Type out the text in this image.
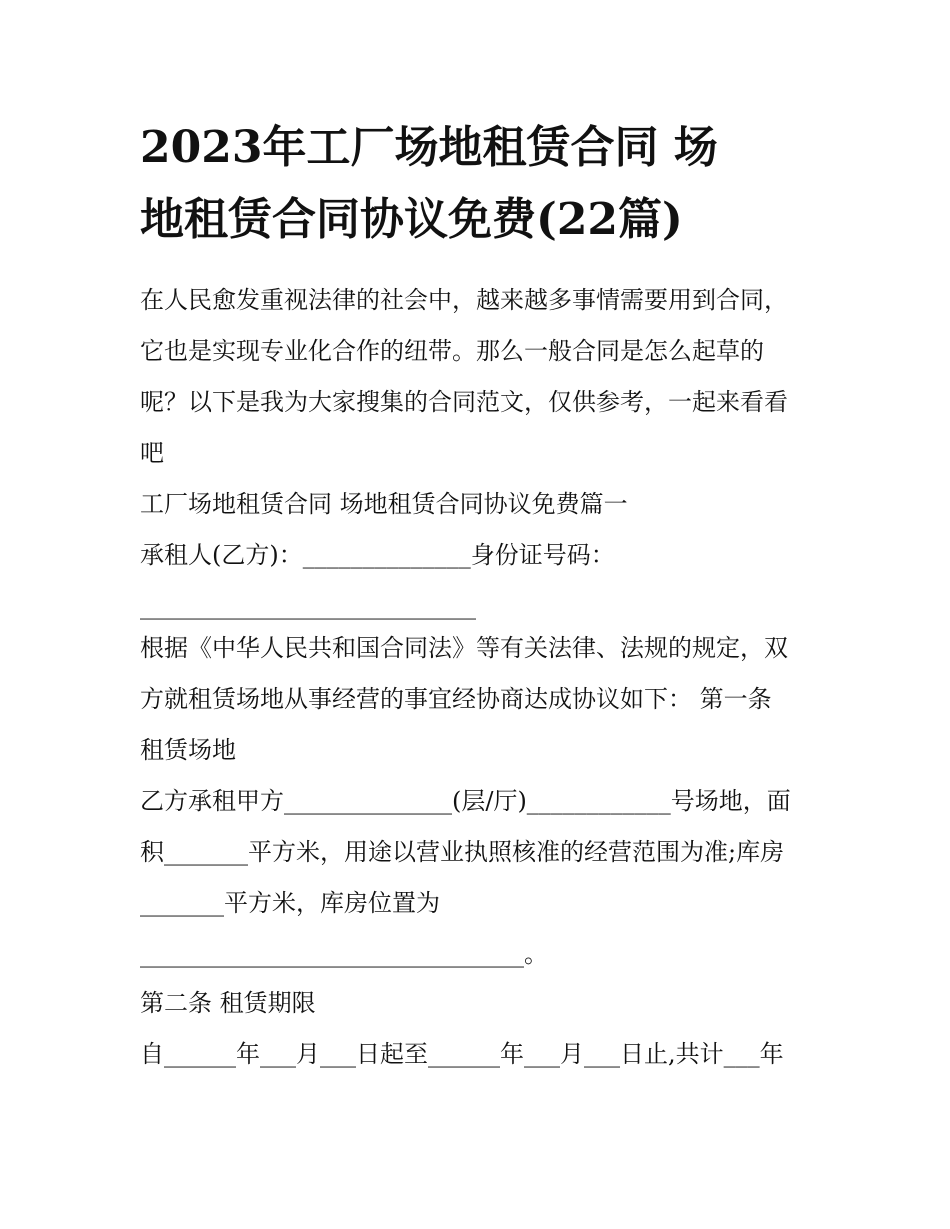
2023年工厂场地租赁合同 场
地租赁合同协议免费(22篇)
在人民愈发重视法律的社会中，越来越多事情需要用到合同，
它也是实现专业化合作的纽带。那么一般合同是怎么起草的
呢？以下是我为大家搜集的合同范文，仅供参考，一起来看看
吧
工厂场地租赁合同 场地租赁合同协议免费篇一
承租人(乙方)：______________身份证号码：
____________________________
根据《中华人民共和国合同法》等有关法律、法规的规定，双
方就租赁场地从事经营的事宜经协商达成协议如下： 第一条
租赁场地
乙方承租甲方______________(层/厅)____________号场地，面
积_______平方米，用途以营业执照核准的经营范围为准;库房
_______平方米，库房位置为
________________________________。
第二条 租赁期限
自______年___月___日起至______年___月___日止,共计___年
